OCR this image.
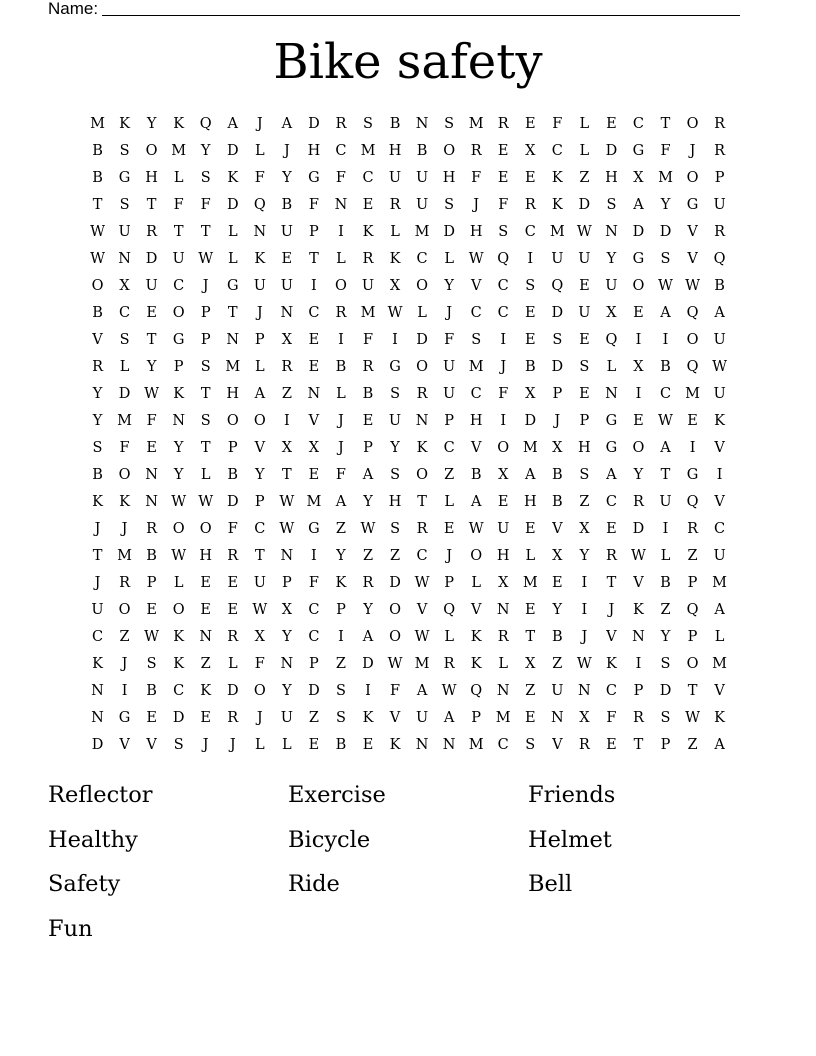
Name:
Bike safety
M K	Y	K	Q	A	J	A	D	R	S	B	N	S	M R	E	F	L	E	C	T	O	R
B	S	O M	Y	D	L	J	H	C M H	B	O	R	E	X	C	L	D	G	F	J	R
B	G	H	L	S	K	F	Y	G	F	C	U	U	H	F	E	E	K	Z	H	X M O	P
T	S	T	F	F	D	Q	B	F	N	E	R	U	S	J	F	R	K	D	S	A	Y	G	U
W U	R	T	T	L	N	U	P	I	K	L	M D	H	S	C M W N	D	D	V	R
W N	D	U W	L	K	E	T	L	R	K	C	L	W Q	I	U	U	Y	G	S	V	Q
O	X	U	C	J	G	U	U	I	O	U	X	O	Y	V	C	S	Q	E	U	O W W B
B	C	E	O	P	T	J	N	C	R M W	L	J	C	C	E	D	U	X	E	A	Q	A
V	S	T	G	P	N	P	X	E	I	F	I	D	F	S	I	E	S	E	Q	I	I	O	U
R	L	Y	P	S	M	L	R	E	B	R	G	O	U M	J	B	D	S	L	X	B	Q W
Y	D W K	T	H	A	Z	N	L	B	S	R	U	C	F	X	P	E	N	I	C M U
Y	M	F	N	S	O	O	I	V	J	E	U	N	P	H	I	D	J	P	G	E W E	K
S	F	E	Y	T	P	V	X	X	J	P	Y	K	C	V	O M X	H	G	O	A	I	V
B	O	N	Y	L	B	Y	T	E	F	A	S	O	Z	B	X	A	B	S	A	Y	T	G	I
K	K	N W W D	P	W M A	Y	H	T	L	A	E	H	B	Z	C	R	U	Q	V
J	J	R	O	O	F	C W G	Z	W	S	R	E W U	E	V	X	E	D	I	R	C
T	M B W H	R	T	N	I	Y	Z	Z	C	J	O	H	L	X	Y	R W	L	Z	U
J	R	P	L	E	E	U	P	F	K	R	D W	P	L	X M E	I	T	V	B	P	M
U	O	E	O	E	E W X	C	P	Y	O	V	Q	V	N	E	Y	I	J	K	Z	Q	A
C	Z	W K	N	R	X	Y	C	I	A	O W	L	K	R	T	B	J	V	N	Y	P	L
K	J	S	K	Z	L	F	N	P	Z	D W M R	K	L	X	Z	W K	I	S	O M
N	I	B	C	K	D	O	Y	D	S	I	F	A W Q	N	Z	U	N	C	P	D	T	V
N	G	E	D	E	R	J	U	Z	S	K	V	U	A	P	M E	N	X	F	R	S	W K
D	V	V	S	J	J	L	L	E	B	E	K	N N M C	S	V	R	E	T	P	Z	A
Reflector	Exercise	Friends
Healthy	Bicycle	Helmet
Safety	Ride	Bell
Fun
